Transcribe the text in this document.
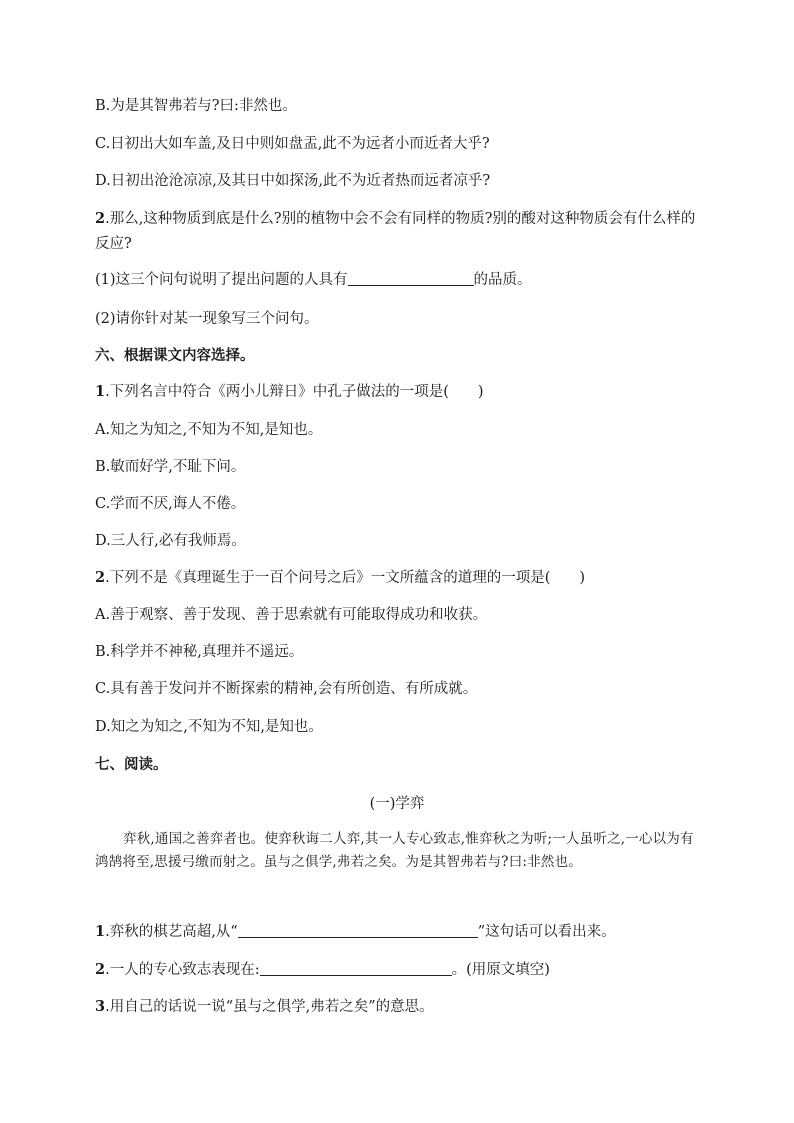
B.为是其智弗若与?曰:非然也。
C.日初出大如车盖,及日中则如盘盂,此不为远者小而近者大乎?
D.日初出沧沧凉凉,及其日中如探汤,此不为近者热而远者凉乎?
2.那么,这种物质到底是什么?别的植物中会不会有同样的物质?别的酸对这种物质会有什么样的反应?
(1)这三个问句说明了提出问题的人具有	的品质。
(2)请你针对某一现象写三个问句。
六、根据课文内容选择。
1.下列名言中符合《两小儿辩日》中孔子做法的一项是(　　)
A.知之为知之,不知为不知,是知也。
B.敏而好学,不耻下问。
C.学而不厌,诲人不倦。
D.三人行,必有我师焉。
2.下列不是《真理诞生于一百个问号之后》一文所蕴含的道理的一项是(　　)
A.善于观察、善于发现、善于思索就有可能取得成功和收获。
B.科学并不神秘,真理并不遥远。
C.具有善于发问并不断探索的精神,会有所创造、有所成就。
D.知之为知之,不知为不知,是知也。
七、阅读。
(一)学弈
弈秋,通国之善弈者也。使弈秋诲二人弈,其一人专心致志,惟弈秋之为听;一人虽听之,一心以为有鸿鹄将至,思援弓缴而射之。虽与之俱学,弗若之矣。为是其智弗若与?曰:非然也。
1.弈秋的棋艺高超,从“	”这句话可以看出来。
2.一人的专心致志表现在:	。(用原文填空)
3.用自己的话说一说“虽与之俱学,弗若之矣”的意思。
